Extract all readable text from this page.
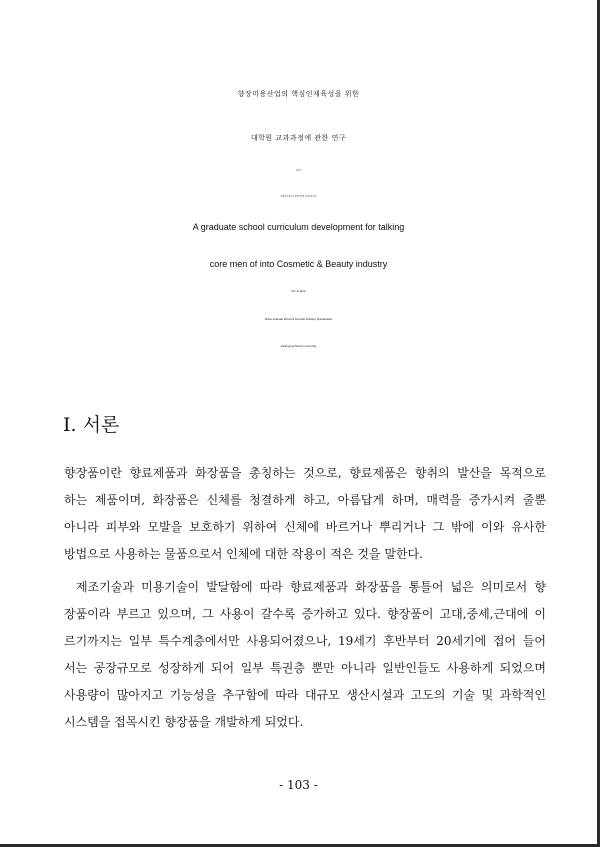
향장미용산업의 핵심인재육성을 위한
대학원 교과과정에 관한 연구
김주덕
숙명여자대학교 원격대학원 향장미용전공
A graduate school curriculum development for talking
core men of into Cosmetic & Beauty industry
Kim Ju-Duck
Online Graduate School of Cosmetic & Beauty Specialization
Sookmyung Women's University
Ⅰ. 서론
향장품이란 향료제품과 화장품을 총칭하는 것으로, 향료제품은 향취의 발산을 목적으로
하는 제품이며, 화장품은 신체를 청결하게 하고, 아름답게 하며, 매력을 증가시켜 줄뿐
아니라 피부와 모발을 보호하기 위하여 신체에 바르거나 뿌리거나 그 밖에 이와 유사한
방법으로 사용하는 물품으로서 인체에 대한 작용이 적은 것을 말한다.
제조기술과 미용기술이 발달함에 따라 향료제품과 화장품을 통틀어 넓은 의미로서 향
장품이라 부르고 있으며, 그 사용이 갈수록 증가하고 있다. 향장품이 고대,중세,근대에 이
르기까지는 일부 특수계층에서만 사용되어졌으나, 19세기 후반부터 20세기에 접어 들어
서는 공장규모로 성장하게 되어 일부 특권층 뿐만 아니라 일반인들도 사용하게 되었으며
사용량이 많아지고 기능성을 추구함에 따라 대규모 생산시설과 고도의 기술 및 과학적인
시스템을 접목시킨 향장품을 개발하게 되었다.
- 103 -
